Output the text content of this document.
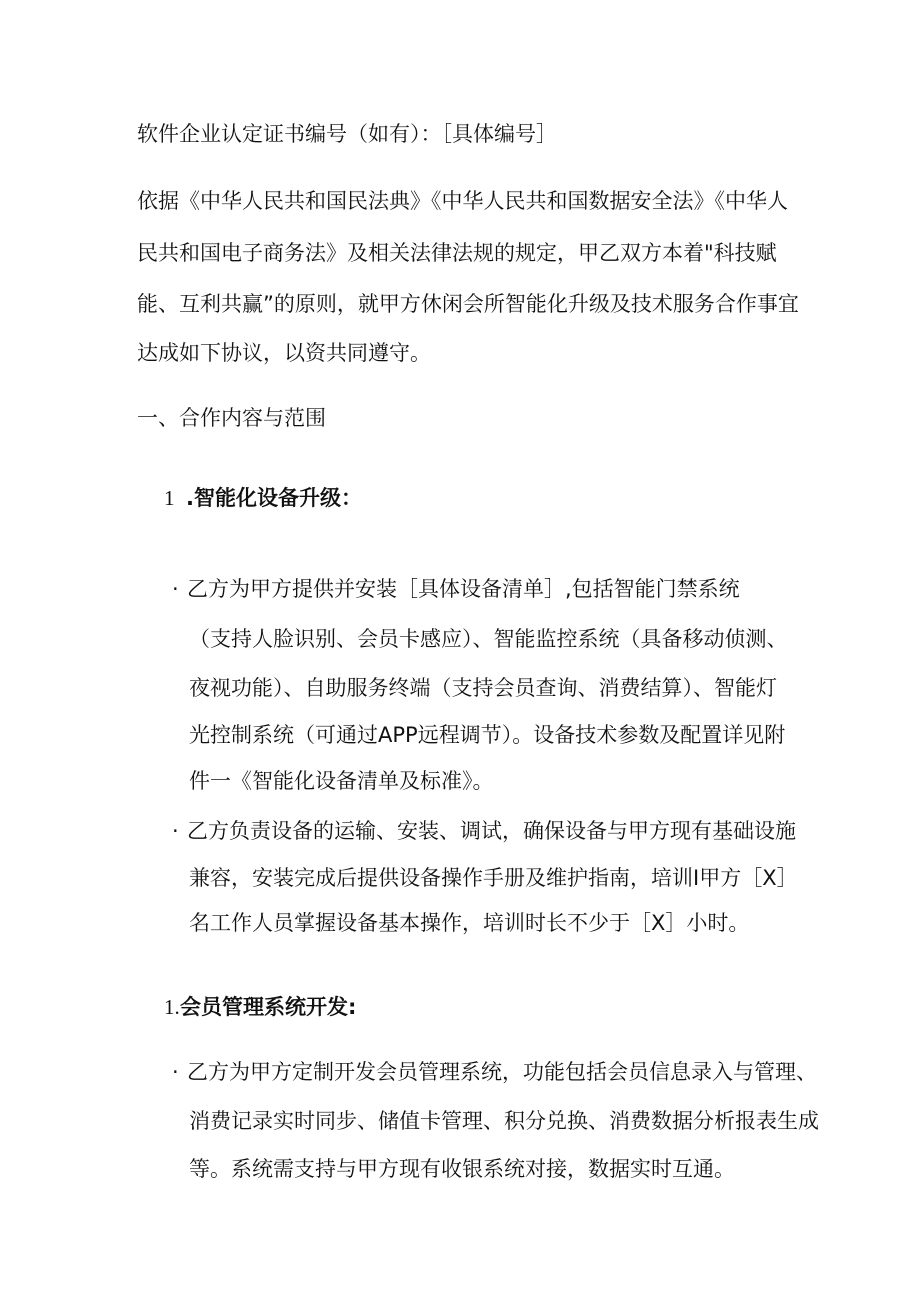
软件企业认定证书编号（如有）：［具体编号］
依据《中华人民共和国民法典》《中华人民共和国数据安全法》《中华人
民共和国电子商务法》及相关法律法规的规定，甲乙双方本着"科技赋
能、互利共赢”的原则，就甲方休闲会所智能化升级及技术服务合作事宜
达成如下协议，以资共同遵守。
一、合作内容与范围
1 .智能化设备升级：
· 乙方为甲方提供并安装［具体设备清单］,包括智能门禁系统
（支持人脸识别、会员卡感应）、智能监控系统（具备移动侦测、
夜视功能）、自助服务终端（支持会员查询、消费结算）、智能灯
光控制系统（可通过APP远程调节）。设备技术参数及配置详见附
件一《智能化设备清单及标准》。
· 乙方负责设备的运输、安装、调试，确保设备与甲方现有基础设施
兼容，安装完成后提供设备操作手册及维护指南，培训I甲方［X］
名工作人员掌握设备基本操作，培训时长不少于［X］小时。
1. 会员管理系统开发:
· 乙方为甲方定制开发会员管理系统，功能包括会员信息录入与管理、
消费记录实时同步、储值卡管理、积分兑换、消费数据分析报表生成
等。系统需支持与甲方现有收银系统对接，数据实时互通。
